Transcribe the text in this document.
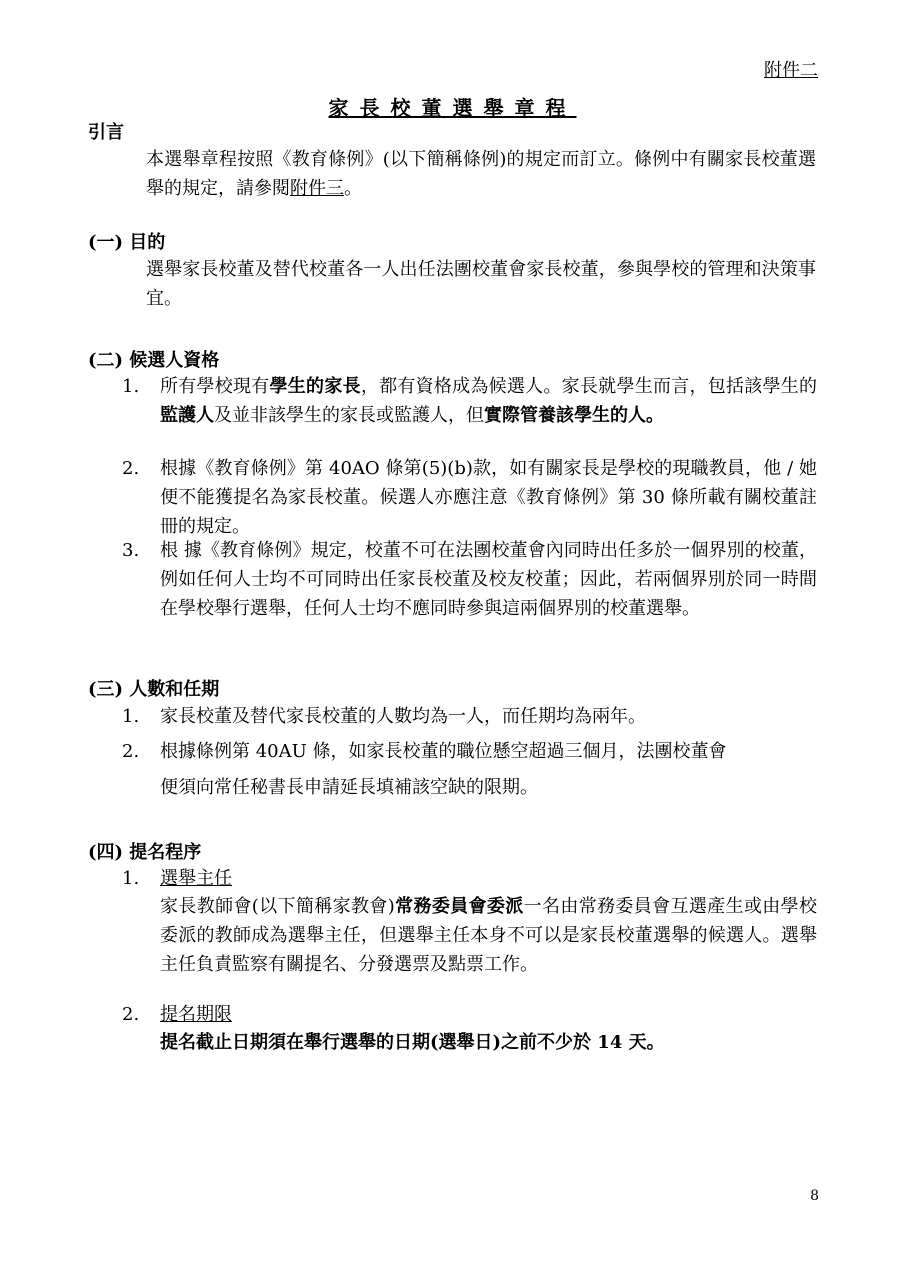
附件二
家長校董選舉章程
引言
本選舉章程按照《教育條例》(以下簡稱條例)的規定而訂立。條例中有關家長校董選舉的規定，請參閱附件三。
(一) 目的
選舉家長校董及替代校董各一人出任法團校董會家長校董，參與學校的管理和決策事宜。
(二) 候選人資格
1.	所有學校現有學生的家長，都有資格成為候選人。家長就學生而言，包括該學生的監護人及並非該學生的家長或監護人，但實際管養該學生的人。
2.	根據《教育條例》第 40AO 條第(5)(b)款，如有關家長是學校的現職教員，他 / 她便不能獲提名為家長校董。候選人亦應注意《教育條例》第 30 條所載有關校董註冊的規定。
3.	根 據《教育條例》規定，校董不可在法團校董會內同時出任多於一個界別的校董，例如任何人士均不可同時出任家長校董及校友校董；因此，若兩個界別於同一時間在學校舉行選舉，任何人士均不應同時參與這兩個界別的校董選舉。
(三) 人數和任期
1.	家長校董及替代家長校董的人數均為一人，而任期均為兩年。
2.	根據條例第 40AU 條，如家長校董的職位懸空超過三個月，法團校董會
便須向常任秘書長申請延長填補該空缺的限期。
(四) 提名程序
1.	選舉主任
家長教師會(以下簡稱家教會)常務委員會委派一名由常務委員會互選產生或由學校委派的教師成為選舉主任，但選舉主任本身不可以是家長校董選舉的候選人。選舉主任負責監察有關提名、分發選票及點票工作。
2.	提名期限
提名截止日期須在舉行選舉的日期(選舉日)之前不少於 14 天。
8
